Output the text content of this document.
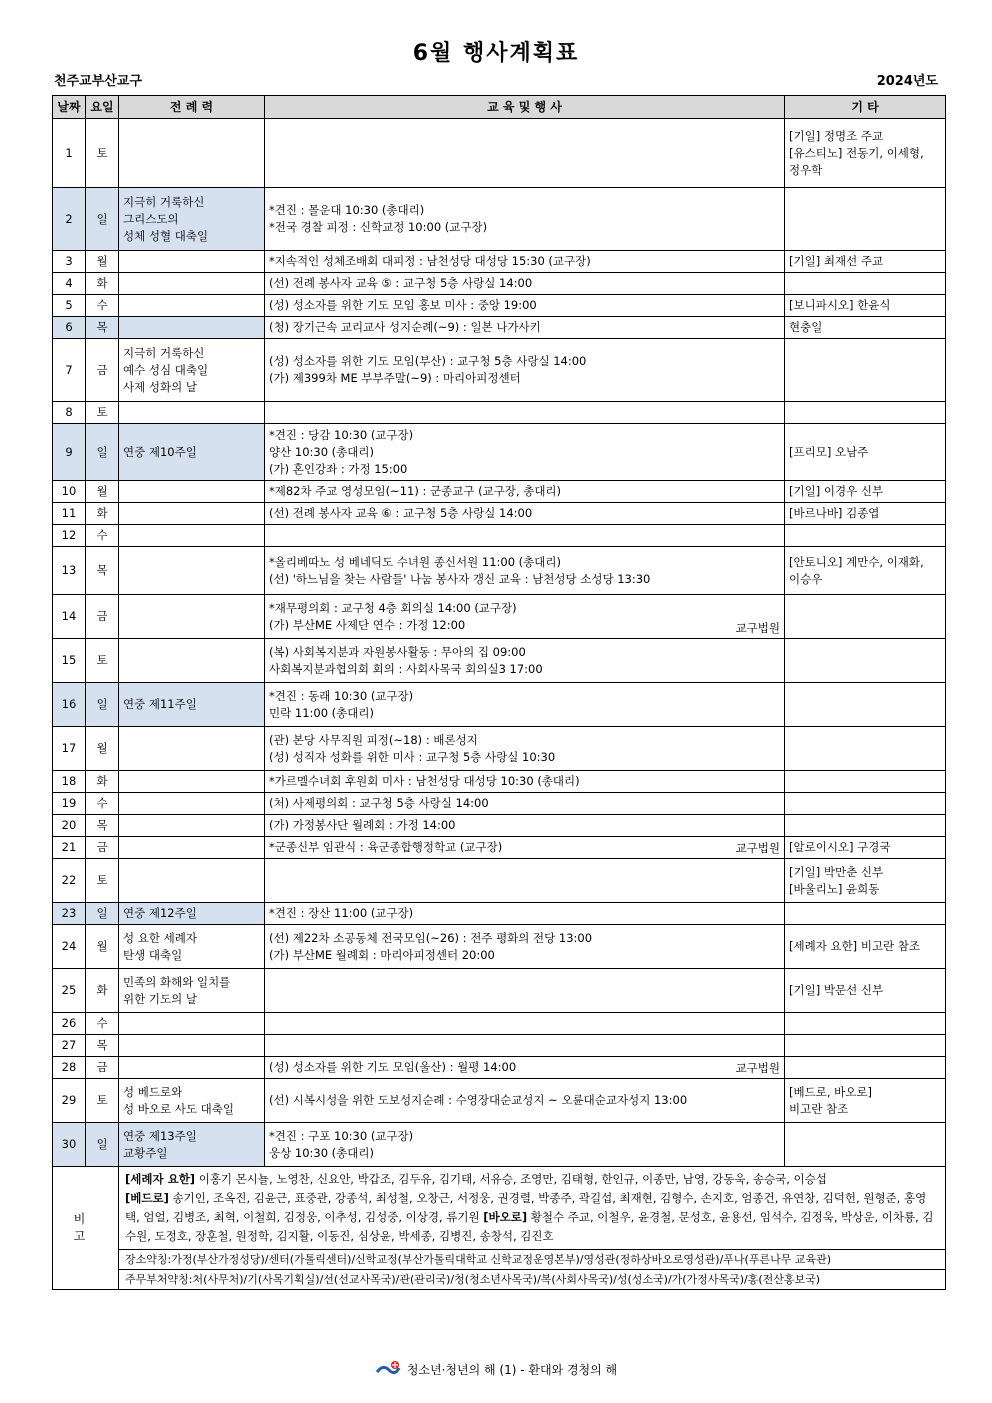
6월 행사계획표
천주교부산교구	2024년도
날짜	요일	전 례 력	교 육 및 행 사	기 타
1	토			[기일] 정명조 주교
[유스티노] 전동기, 이세형,
정우학
2	일	지극히 거룩하신
그리스도의
성체 성혈 대축일	*견진 : 몰운대 10:30 (총대리)
*전국 경찰 피정 : 신학교정 10:00 (교구장)	
3	월		*지속적인 성체조배회 대피정 : 남천성당 대성당 15:30 (교구장)	[기일] 최재선 주교
4	화		(선) 전례 봉사자 교육 ⑤ : 교구청 5층 사랑실 14:00	
5	수		(성) 성소자를 위한 기도 모임 홍보 미사 : 중앙 19:00	[보니파시오] 한윤식
6	목		(청) 장기근속 교리교사 성지순례(~9) : 일본 나가사키	현충일
7	금	지극히 거룩하신
예수 성심 대축일
사제 성화의 날	(성) 성소자를 위한 기도 모임(부산) : 교구청 5층 사랑실 14:00
(가) 제399차 ME 부부주말(~9) : 마리아피정센터	
8	토			
9	일	연중 제10주일	*견진 : 당감 10:30 (교구장)
양산 10:30 (총대리)
(가) 혼인강좌 : 가정 15:00	[프리모] 오남주
10	월		*제82차 주교 영성모임(~11) : 군종교구 (교구장, 총대리)	[기일] 이경우 신부
11	화		(선) 전례 봉사자 교육 ⑥ : 교구청 5층 사랑실 14:00	[바르나바] 김종엽
12	수			
13	목		*올리베따노 성 베네딕도 수녀원 종신서원 11:00 (총대리)
(선) '하느님을 찾는 사람들' 나눔 봉사자 갱신 교육 : 남천성당 소성당 13:30	[안토니오] 계만수, 이재화,
이승우
14	금		*재무평의회 : 교구청 4층 회의실 14:00 (교구장)
(가) 부산ME 사제단 연수 : 가정 12:00 교구법원	

15	토		(복) 사회복지분과 자원봉사활동 : 무아의 집 09:00
사회복지분과협의회 회의 : 사회사목국 회의실3 17:00	
16	일	연중 제11주일	*견진 : 동래 10:30 (교구장)
민락 11:00 (총대리)	
17	월		(관) 본당 사무직원 피정(~18) : 배론성지
(성) 성직자 성화를 위한 미사 : 교구청 5층 사랑실 10:30	
18	화		*가르멜수녀회 후원회 미사 : 남천성당 대성당 10:30 (총대리)	
19	수		(처) 사제평의회 : 교구청 5층 사랑실 14:00	
20	목		(가) 가정봉사단 월례회 : 가정 14:00	
21	금		*군종신부 임관식 : 육군종합행정학교 (교구장) 교구법원	[알로이시오] 구경국
22	토			[기일] 박만춘 신부
[바울리노] 윤희동
23	일	연중 제12주일	*견진 : 장산 11:00 (교구장)	
24	월	성 요한 세례자
탄생 대축일	(선) 제22차 소공동체 전국모임(~26) : 전주 평화의 전당 13:00
(가) 부산ME 월례회 : 마리아피정센터 20:00	[세례자 요한] 비고란 참조
25	화	민족의 화해와 일치를
위한 기도의 날		[기일] 박문선 신부
26	수			
27	목			
28	금		(성) 성소자를 위한 기도 모임(울산) : 월평 14:00 교구법원	

29	토	성 베드로와
성 바오로 사도 대축일	(선) 시복시성을 위한 도보성지순례 : 수영장대순교성지 ~ 오륜대순교자성지 13:00	[베드로, 바오로]
비고란 참조
30	일	연중 제13주일
교황주일	*견진 : 구포 10:30 (교구장)
웅상 10:30 (총대리)	
비 고		[세례자 요한] 이홍기 몬시뇰, 노영찬, 신요안, 박갑조, 김두유, 김기태, 서유승, 조영만, 김태형, 한인규, 이종만, 남영, 강동욱, 송승국, 이승섭
[베드로] 송기인, 조옥진, 김윤근, 표중관, 강종석, 최성철, 오창근, 서정웅, 권경렬, 박종주, 곽길섭, 최재현, 김형수, 손지호, 엄종건, 유연창, 김덕헌, 원형준, 홍영택, 엄얼, 김병조, 최혁, 이철희, 김정웅, 이추성, 김성중, 이상경, 류기원 [바오로] 황철수 주교, 이철우, 윤경철, 문성호, 윤용선, 임석수, 김정욱, 박상운, 이차룡, 김수원, 도정호, 장훈철, 원정학, 김지활, 이동진, 심상윤, 박세종, 김병진, 송창석, 김진호		
		장소약칭:가정(부산가정성당)/센터(가톨릭센터)/신학교정(부산가톨릭대학교 신학교정운영본부)/영성관(정하상바오로영성관)/푸나(푸른나무 교육관)		
		주무부처약칭:처(사무처)/기(사목기획실)/선(선교사목국)/관(관리국)/청(청소년사목국)/복(사회사목국)/성(성소국)/가(가정사목국)/홍(전산홍보국)		
청소년·청년의 해 (1) - 환대와 경청의 해
